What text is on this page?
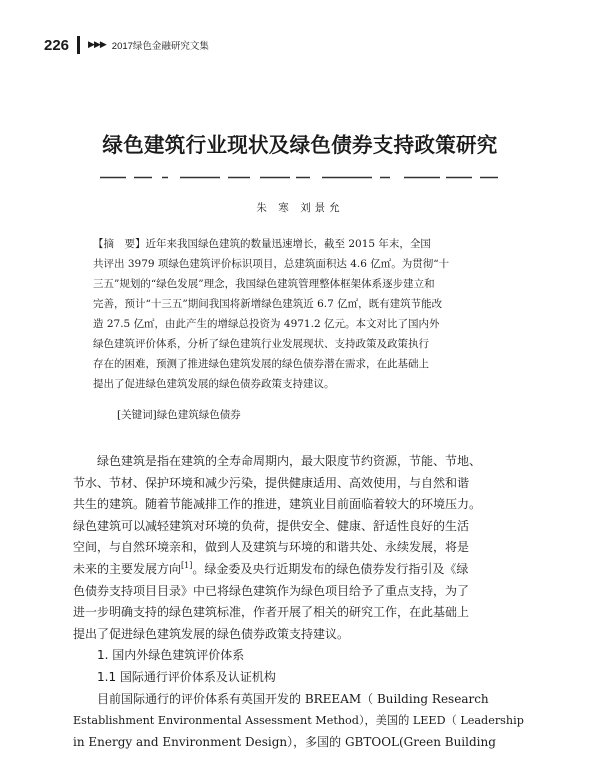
226 ▶▶▶ 2017绿色金融研究文集
绿色建筑行业现状及绿色债券支持政策研究
朱 寒 刘景允
【摘　要】近年来我国绿色建筑的数量迅速增长，截至 2015 年末，全国
共评出 3979 项绿色建筑评价标识项目，总建筑面积达 4.6 亿㎡。为贯彻“十
三五”规划的“绿色发展”理念，我国绿色建筑管理整体框架体系逐步建立和
完善，预计“十三五”期间我国将新增绿色建筑近 6.7 亿㎡，既有建筑节能改
造 27.5 亿㎡，由此产生的增绿总投资为 4971.2 亿元。本文对比了国内外
绿色建筑评价体系，分析了绿色建筑行业发展现状、支持政策及政策执行
存在的困难，预测了推进绿色建筑发展的绿色债券潜在需求，在此基础上
提出了促进绿色建筑发展的绿色债券政策支持建议。
[关键词]绿色建筑绿色债券
绿色建筑是指在建筑的全寿命周期内，最大限度节约资源，节能、节地、
节水、节材、保护环境和减少污染，提供健康适用、高效使用，与自然和谐
共生的建筑。随着节能减排工作的推进，建筑业目前面临着较大的环境压力。
绿色建筑可以减轻建筑对环境的负荷，提供安全、健康、舒适性良好的生活
空间，与自然环境亲和，做到人及建筑与环境的和谐共处、永续发展，将是
未来的主要发展方向[1]。绿金委及央行近期发布的绿色债券发行指引及《绿
色债券支持项目目录》中已将绿色建筑作为绿色项目给予了重点支持，为了
进一步明确支持的绿色建筑标准，作者开展了相关的研究工作，在此基础上
提出了促进绿色建筑发展的绿色债券政策支持建议。
1. 国内外绿色建筑评价体系
1.1 国际通行评价体系及认证机构
目前国际通行的评价体系有英国开发的 BREEAM（ Building Research
Establishment Environmental Assessment Method），美国的 LEED（ Leadership
in Energy and Environment Design），多国的 GBTOOL(Green Building
